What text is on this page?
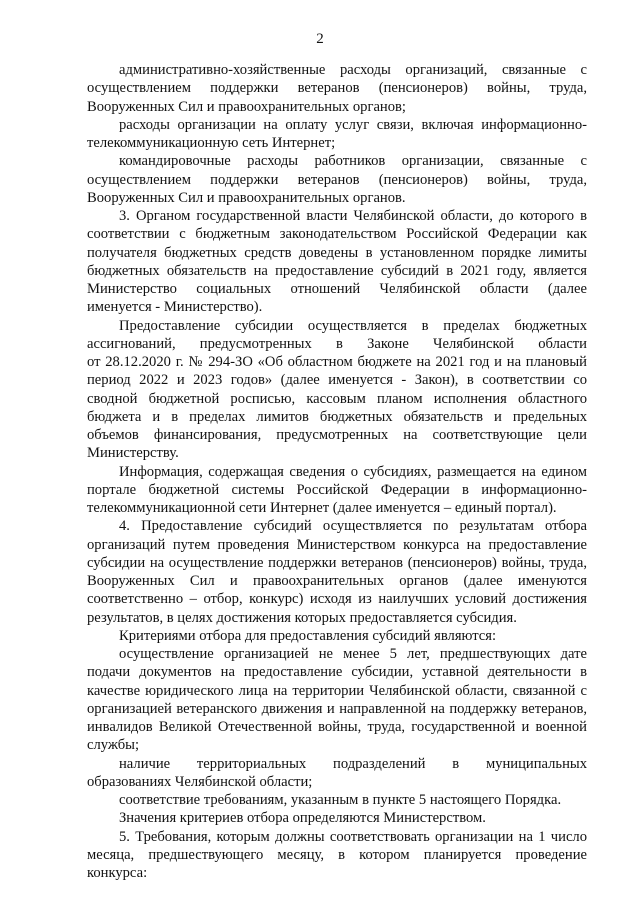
2

административно-хозяйственные расходы организаций, связанные с

осуществлением поддержки ветеранов (пенсионеров) войны, труда,

Вооруженных Сил и правоохранительных органов;

расходы организации на оплату услуг связи, включая информационно-

телекоммуникационную сеть Интернет;

командировочные расходы работников организации, связанные с

осуществлением поддержки ветеранов (пенсионеров) войны, труда,

Вооруженных Сил и правоохранительных органов.

3. Органом государственной власти Челябинской области, до которого в

соответствии с бюджетным законодательством Российской Федерации как

получателя бюджетных средств доведены в установленном порядке лимиты

бюджетных обязательств на предоставление субсидий в 2021 году, является

Министерство социальных отношений Челябинской области (далее

именуется - Министерство).

Предоставление субсидии осуществляется в пределах бюджетных

ассигнований, предусмотренных в Законе Челябинской области

от 28.12.2020 г. № 294-ЗО «Об областном бюджете на 2021 год и на плановый

период 2022 и 2023 годов» (далее именуется - Закон), в соответствии со

сводной бюджетной росписью, кассовым планом исполнения областного

бюджета и в пределах лимитов бюджетных обязательств и предельных

объемов финансирования, предусмотренных на соответствующие цели

Министерству.

Информация, содержащая сведения о субсидиях, размещается на едином

портале бюджетной системы Российской Федерации в информационно-

телекоммуникационной сети Интернет (далее именуется – единый портал).

4. Предоставление субсидий осуществляется по результатам отбора

организаций путем проведения Министерством конкурса на предоставление

субсидии на осуществление поддержки ветеранов (пенсионеров) войны, труда,

Вооруженных Сил и правоохранительных органов (далее именуются

соответственно – отбор, конкурс) исходя из наилучших условий достижения

результатов, в целях достижения которых предоставляется субсидия.

Критериями отбора для предоставления субсидий являются:

осуществление организацией не менее 5 лет, предшествующих дате

подачи документов на предоставление субсидии, уставной деятельности в

качестве юридического лица на территории Челябинской области, связанной с

организацией ветеранского движения и направленной на поддержку ветеранов,

инвалидов Великой Отечественной войны, труда, государственной и военной

службы;

наличие территориальных подразделений в муниципальных

образованиях Челябинской области;

соответствие требованиям, указанным в пункте 5 настоящего Порядка.

Значения критериев отбора определяются Министерством.

5. Требования, которым должны соответствовать организации на 1 число

месяца, предшествующего месяцу, в котором планируется проведение

конкурса:
